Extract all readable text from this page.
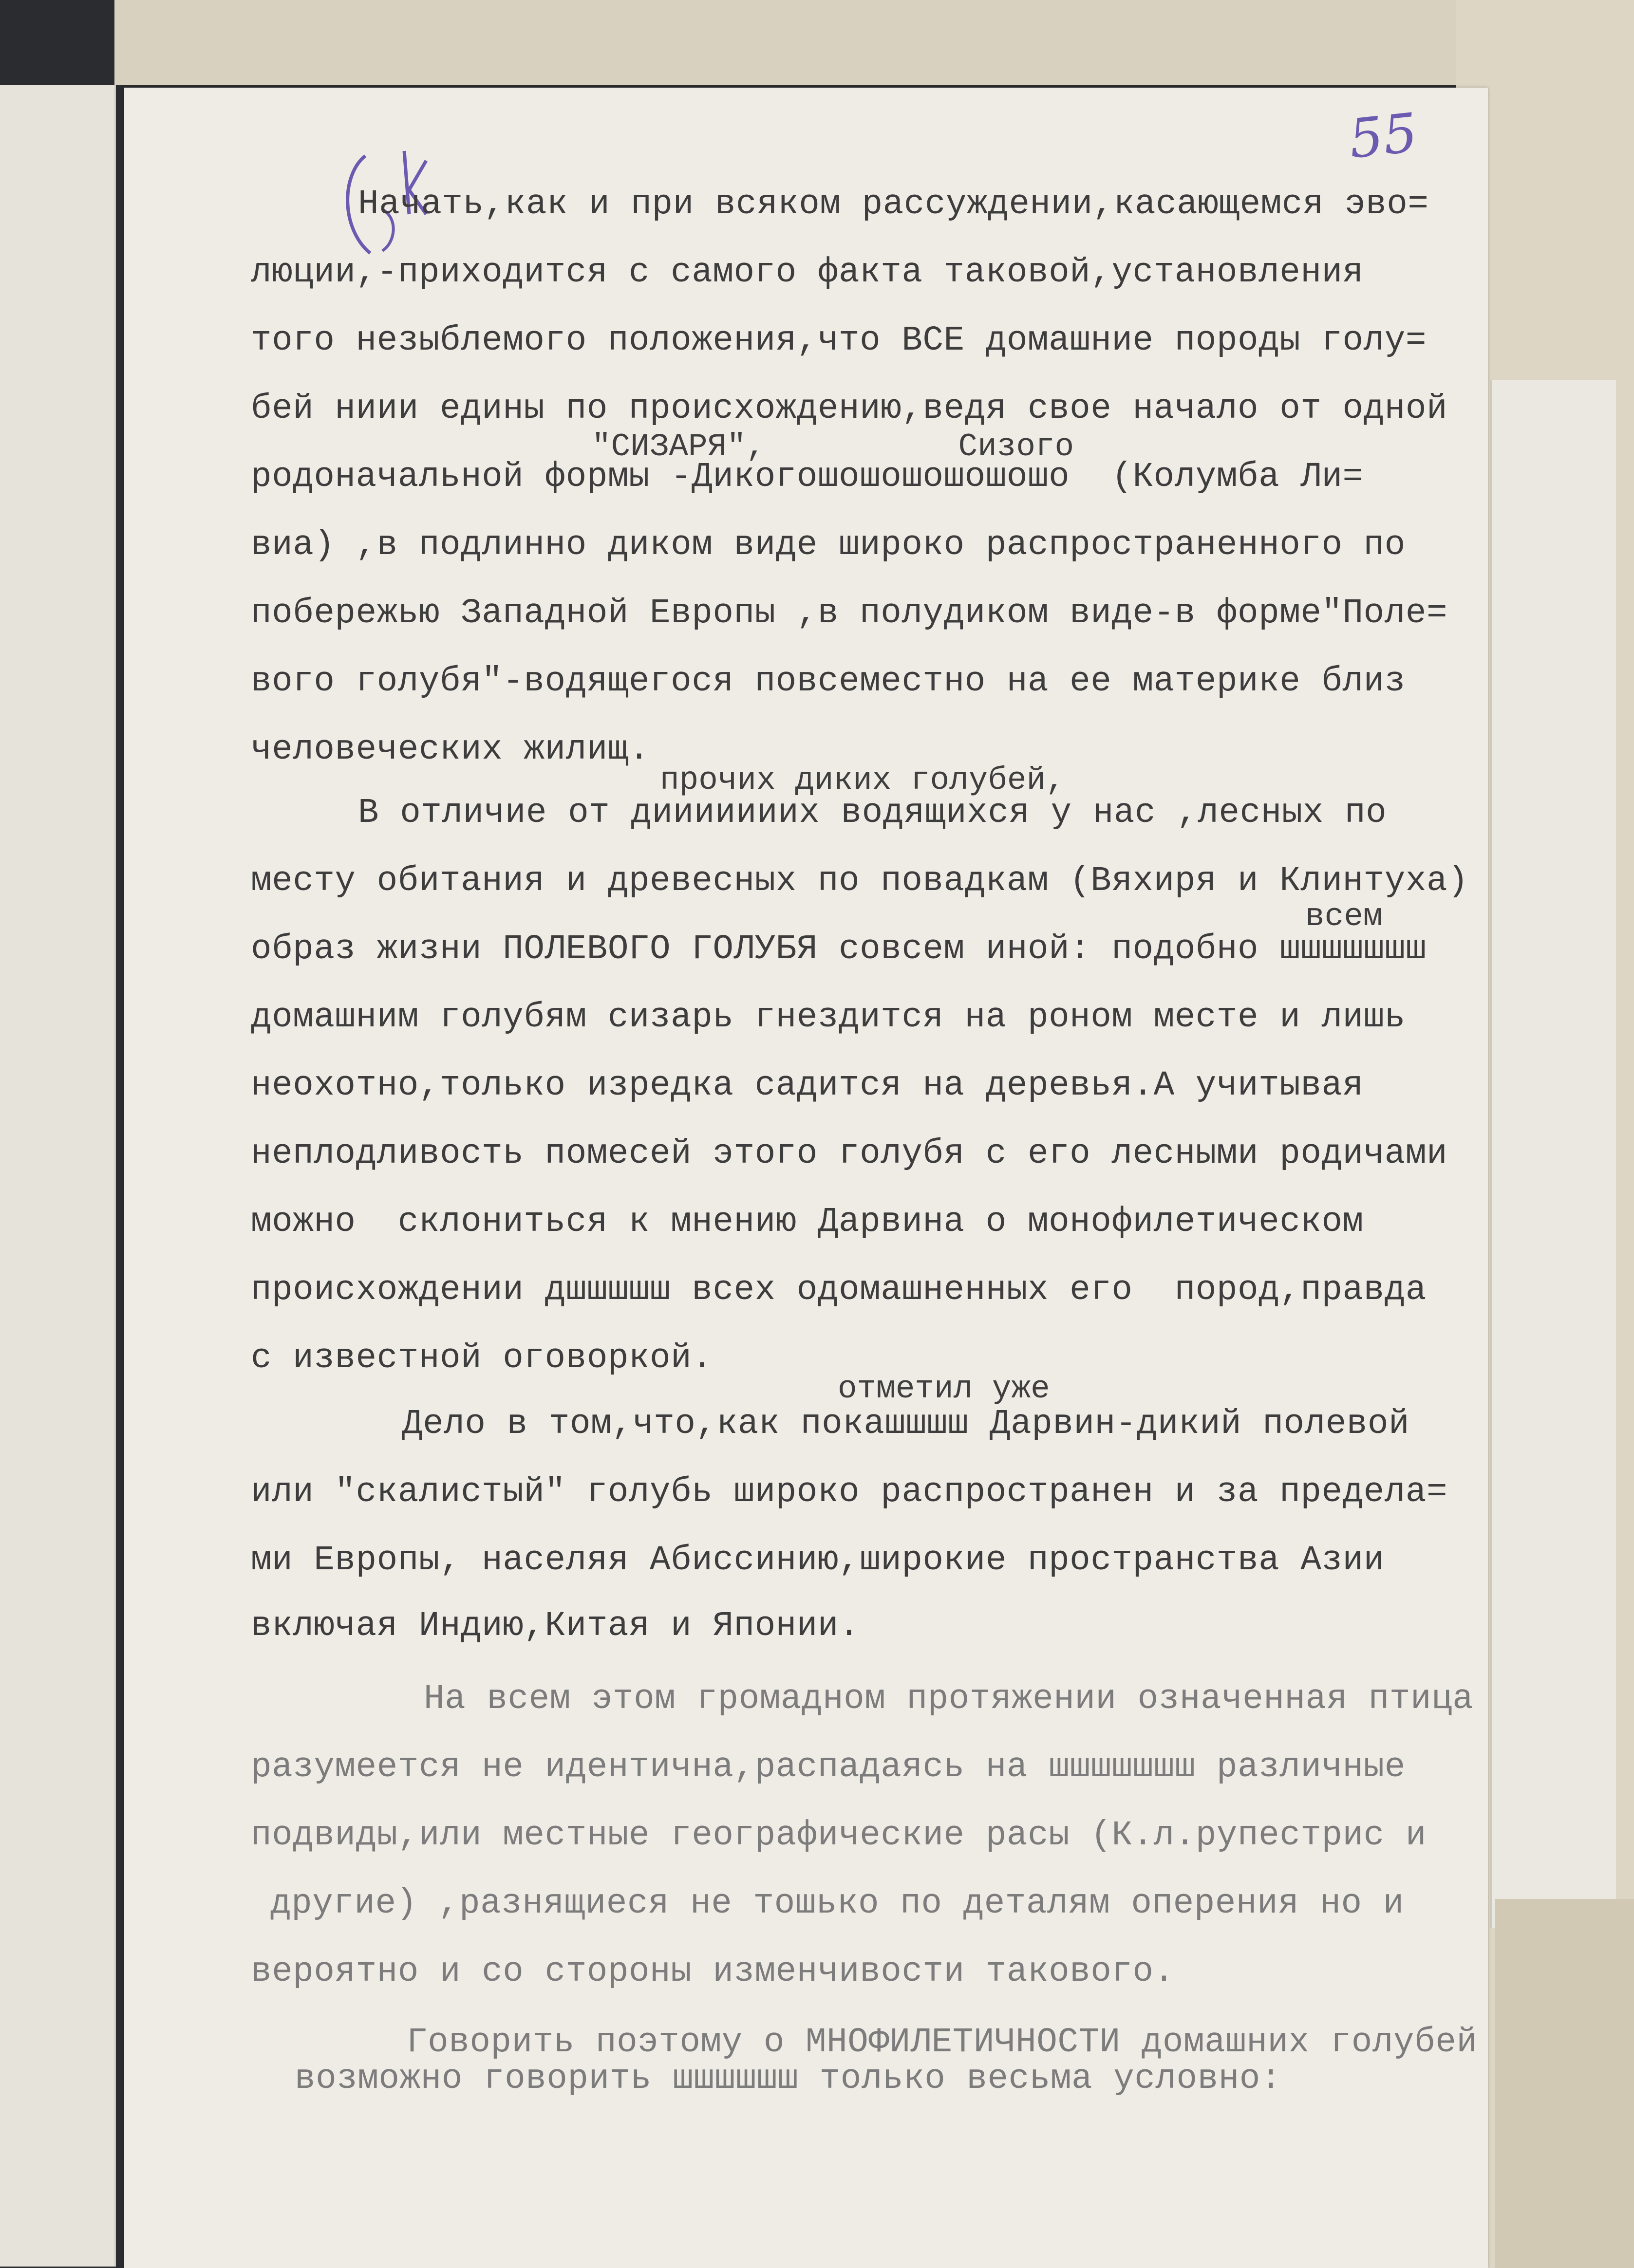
55
Начать,как и при всяком рассуждении,касающемся эво=
люции,-приходится с самого факта таковой,установления
того незыблемого положения,что ВСЕ домашние породы голу=
бей ниии едины по происхождению,ведя свое начало от одной
"СИЗАРЯ",          Сизого
родоначальной формы -Дикогошошошошошошо  (Колумба Ли=
виа) ,в подлинно диком виде широко распространенного по
побережью Западной Европы ,в полудиком виде-в форме"Поле=
вого голубя"-водящегося повсеместно на ее материке близ
человеческих жилищ.
прочих диких голубей,
В отличие от дииииииих водящихся у нас ,лесных по
месту обитания и древесных по повадкам (Вяхиря и Клинтуха)
всем
образ жизни ПОЛЕВОГО ГОЛУБЯ совсем иной: подобно шшшшшшш
домашним голубям сизарь гнездится на роном месте и лишь
неохотно,только изредка садится на деревья.А учитывая
неплодливость помесей этого голубя с его лесными родичами
можно  склониться к мнению Дарвина о монофилетическом
происхождении дшшшшш всех одомашненных его  пород,правда
с известной оговоркой.
отметил уже
Дело в том,что,как покашшшш Дарвин-дикий полевой
или "скалистый" голубь широко распространен и за предела=
ми Европы, населяя Абиссинию,широкие пространства Азии
включая Индию,Китая и Японии.
На всем этом громадном протяжении означенная птица
разумеется не идентична,распадаясь на шшшшшшш различные
подвиды,или местные географические расы (К.л.рупестрис и
другие) ,разнящиеся не тошько по деталям оперения но и
вероятно и со стороны изменчивости такового.
Говорить поэтому о МНОФИЛЕТИЧНОСТИ домашних голубей
возможно говорить шшшшшш только весьма условно:
